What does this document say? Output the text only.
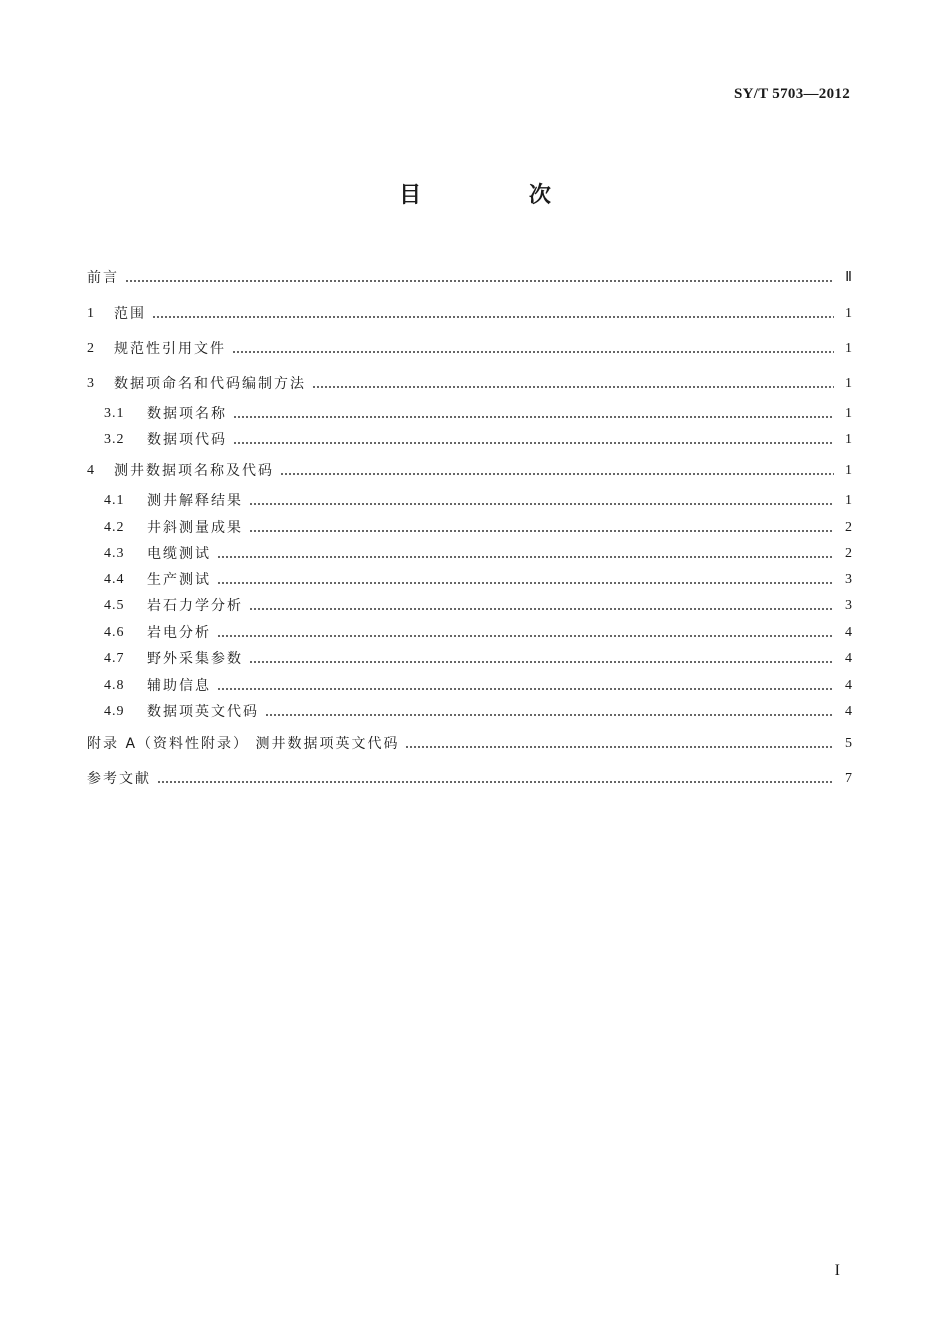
SY/T 5703—2012
目 次
前言	Ⅱ
1	范围	1
2	规范性引用文件	1
3	数据项命名和代码编制方法	1
3.1	数据项名称	1
3.2	数据项代码	1
4	测井数据项名称及代码	1
4.1	测井解释结果	1
4.2	井斜测量成果	2
4.3	电缆测试	2
4.4	生产测试	3
4.5	岩石力学分析	3
4.6	岩电分析	4
4.7	野外采集参数	4
4.8	辅助信息	4
4.9	数据项英文代码	4
附录 A（资料性附录） 测井数据项英文代码	5
参考文献	7
I
